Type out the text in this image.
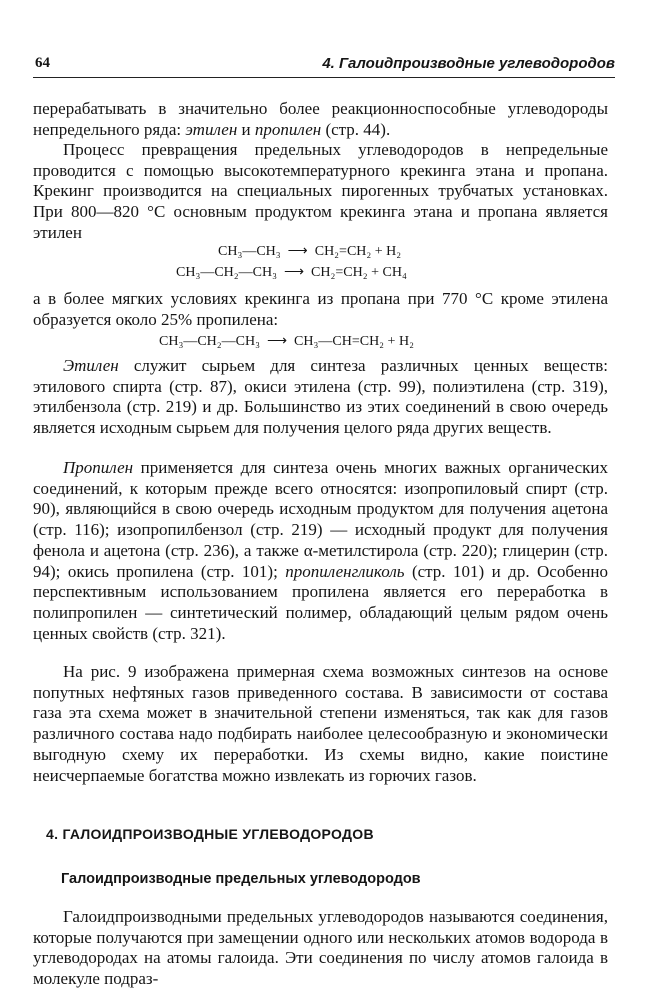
64	4. Галоидпроизводные углеводородов

перерабатывать в значительно более реакционноспособные углеводороды непредельного ряда: этилен и пропилен (стр. 44).

Процесс превращения предельных углеводородов в непредельные проводится с помощью высокотемпературного крекинга этана и пропана. Крекинг производится на специальных пирогенных трубчатых установках. При 800—820 °С основным продуктом крекинга этана и пропана является этилен

CH₃—CH₃  ⟶  CH₂=CH₂ + H₂
CH₃—CH₂—CH₃  ⟶  CH₂=CH₂ + CH₄

а в более мягких условиях крекинга из пропана при 770 °С кроме этилена образуется около 25% пропилена:

CH₃—CH₂—CH₃  ⟶  CH₃—CH=CH₂ + H₂

Этилен служит сырьем для синтеза различных ценных веществ: этилового спирта (стр. 87), окиси этилена (стр. 99), полиэтилена (стр. 319), этилбензола (стр. 219) и др. Большинство из этих соединений в свою очередь является исходным сырьем для получения целого ряда других веществ.

Пропилен применяется для синтеза очень многих важных органических соединений, к которым прежде всего относятся: изопропиловый спирт (стр. 90), являющийся в свою очередь исходным продуктом для получения ацетона (стр. 116); изопропилбензол (стр. 219) — исходный продукт для получения фенола и ацетона (стр. 236), а также α-метилстирола (стр. 220); глицерин (стр. 94); окись пропилена (стр. 101); пропиленгликоль (стр. 101) и др. Особенно перспективным использованием пропилена является его переработка в полипропилен — синтетический полимер, обладающий целым рядом очень ценных свойств (стр. 321).

На рис. 9 изображена примерная схема возможных синтезов на основе попутных нефтяных газов приведенного состава. В зависимости от состава газа эта схема может в значительной степени изменяться, так как для газов различного состава надо подбирать наиболее целесообразную и экономически выгодную схему их переработки. Из схемы видно, какие поистине неисчерпаемые богатства можно извлекать из горючих газов.

4. ГАЛОИДПРОИЗВОДНЫЕ УГЛЕВОДОРОДОВ
Галоидпроизводные предельных углеводородов

Галоидпроизводными предельных углеводородов называются соединения, которые получаются при замещении одного или нескольких атомов водорода в углеводородах на атомы галоида. Эти соединения по числу атомов галоида в молекуле подраз-
